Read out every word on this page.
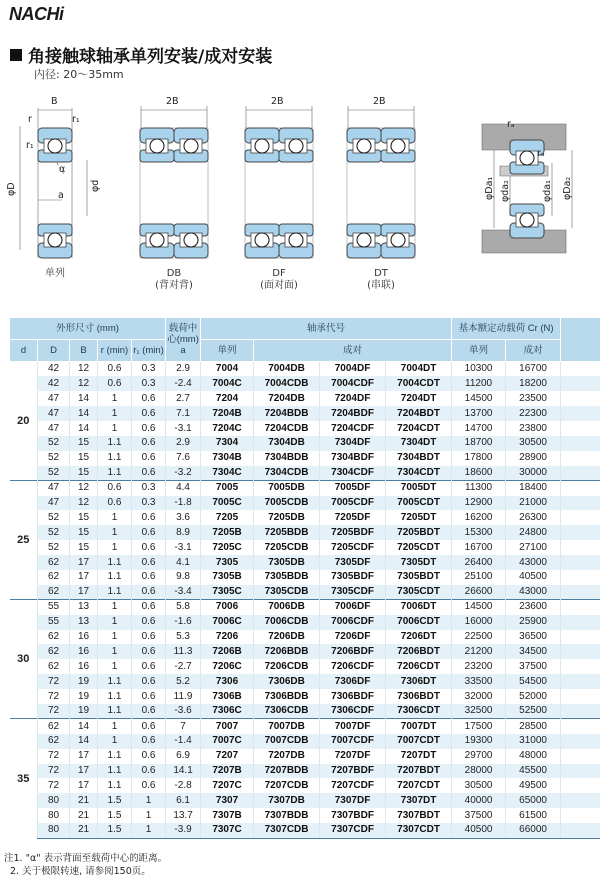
NACHi
角接触球轴承单列安装/成对安装
内径: 20～35mm
B
r	r₁
r₁
α
a
φD	φd
2B	2B	2B
rₐ
rₐ
φDa₁ φda₂	φda₁ φDa₂
单列	DB
(背对背)
DF
(面对面)
DT
(串联)
外形尺寸 (mm)					载荷中心(mm) a	轴承代号				基本额定动载荷 Cr (N)		
d	D	B	r (min)	r₁ (min)		单列	成对			单列	成对	
20	42	12	0.6	0.3	2.9	7004	7004DB	7004DF	7004DT	10300	16700	
	42	12	0.6	0.3	-2.4	7004C	7004CDB	7004CDF	7004CDT	11200	18200	
	47	14	1	0.6	2.7	7204	7204DB	7204DF	7204DT	14500	23500	
	47	14	1	0.6	7.1	7204B	7204BDB	7204BDF	7204BDT	13700	22300	
	47	14	1	0.6	-3.1	7204C	7204CDB	7204CDF	7204CDT	14700	23800	
	52	15	1.1	0.6	2.9	7304	7304DB	7304DF	7304DT	18700	30500	
	52	15	1.1	0.6	7.6	7304B	7304BDB	7304BDF	7304BDT	17800	28900	
	52	15	1.1	0.6	-3.2	7304C	7304CDB	7304CDF	7304CDT	18600	30000	
25	47	12	0.6	0.3	4.4	7005	7005DB	7005DF	7005DT	11300	18400	
	47	12	0.6	0.3	-1.8	7005C	7005CDB	7005CDF	7005CDT	12900	21000	
	52	15	1	0.6	3.6	7205	7205DB	7205DF	7205DT	16200	26300	
	52	15	1	0.6	8.9	7205B	7205BDB	7205BDF	7205BDT	15300	24800	
	52	15	1	0.6	-3.1	7205C	7205CDB	7205CDF	7205CDT	16700	27100	
	62	17	1.1	0.6	4.1	7305	7305DB	7305DF	7305DT	26400	43000	
	62	17	1.1	0.6	9.8	7305B	7305BDB	7305BDF	7305BDT	25100	40500	
	62	17	1.1	0.6	-3.4	7305C	7305CDB	7305CDF	7305CDT	26600	43000	
30	55	13	1	0.6	5.8	7006	7006DB	7006DF	7006DT	14500	23600	
	55	13	1	0.6	-1.6	7006C	7006CDB	7006CDF	7006CDT	16000	25900	
	62	16	1	0.6	5.3	7206	7206DB	7206DF	7206DT	22500	36500	
	62	16	1	0.6	11.3	7206B	7206BDB	7206BDF	7206BDT	21200	34500	
	62	16	1	0.6	-2.7	7206C	7206CDB	7206CDF	7206CDT	23200	37500	
	72	19	1.1	0.6	5.2	7306	7306DB	7306DF	7306DT	33500	54500	
	72	19	1.1	0.6	11.9	7306B	7306BDB	7306BDF	7306BDT	32000	52000	
	72	19	1.1	0.6	-3.6	7306C	7306CDB	7306CDF	7306CDT	32500	52500	
35	62	14	1	0.6	7	7007	7007DB	7007DF	7007DT	17500	28500	
	62	14	1	0.6	-1.4	7007C	7007CDB	7007CDF	7007CDT	19300	31000	
	72	17	1.1	0.6	6.9	7207	7207DB	7207DF	7207DT	29700	48000	
	72	17	1.1	0.6	14.1	7207B	7207BDB	7207BDF	7207BDT	28000	45500	
	72	17	1.1	0.6	-2.8	7207C	7207CDB	7207CDF	7207CDT	30500	49500	
	80	21	1.5	1	6.1	7307	7307DB	7307DF	7307DT	40000	65000	
	80	21	1.5	1	13.7	7307B	7307BDB	7307BDF	7307BDT	37500	61500	
	80	21	1.5	1	-3.9	7307C	7307CDB	7307CDF	7307CDT	40500	66000	
注1. "α" 表示背面至载荷中心的距离。
2. 关于极限转速, 请参阅150页。
